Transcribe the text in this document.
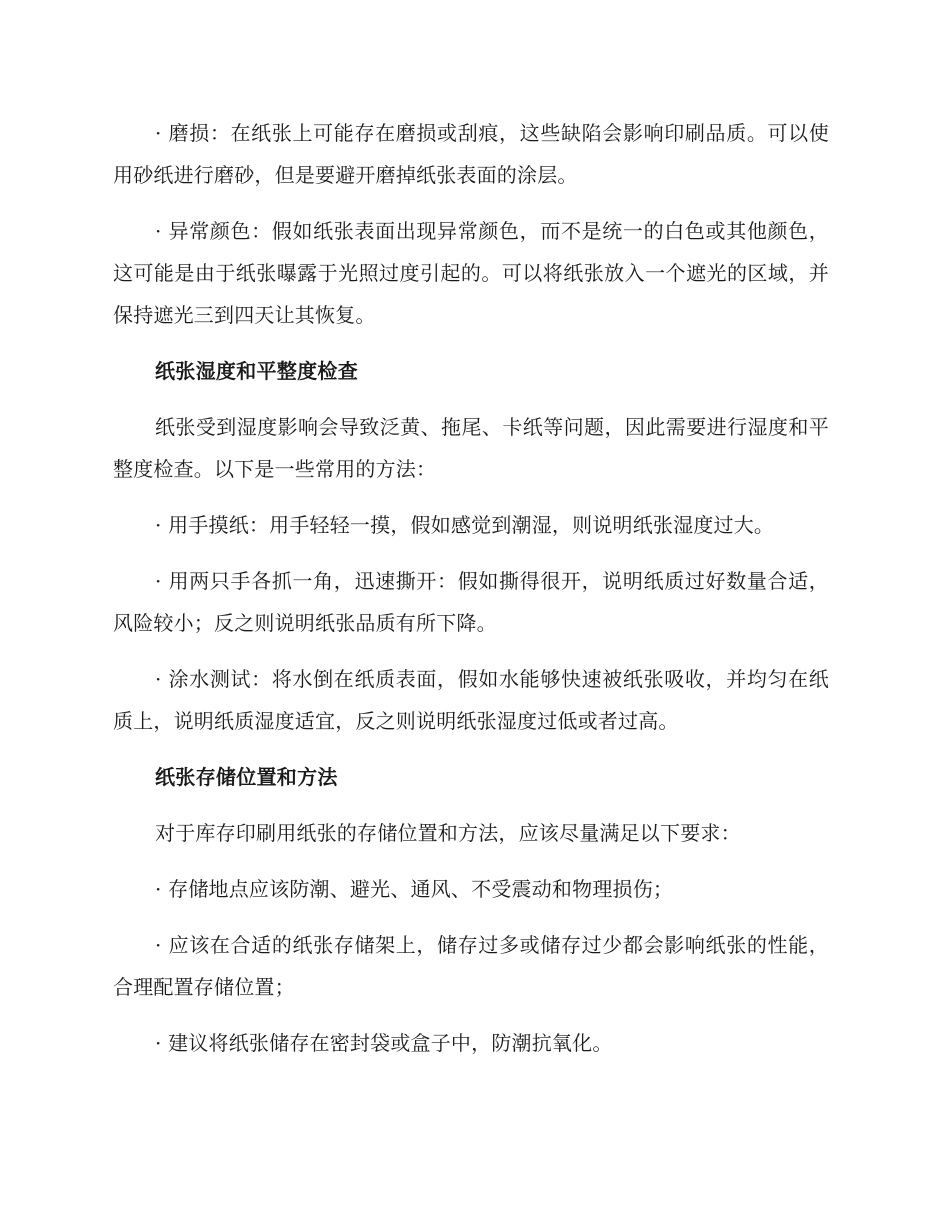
· 磨损：在纸张上可能存在磨损或刮痕，这些缺陷会影响印刷品质。可以使用砂纸进行磨砂，但是要避开磨掉纸张表面的涂层。

· 异常颜色：假如纸张表面出现异常颜色，而不是统一的白色或其他颜色，这可能是由于纸张曝露于光照过度引起的。可以将纸张放入一个遮光的区域，并保持遮光三到四天让其恢复。

纸张湿度和平整度检查

纸张受到湿度影响会导致泛黄、拖尾、卡纸等问题，因此需要进行湿度和平整度检查。以下是一些常用的方法：

· 用手摸纸：用手轻轻一摸，假如感觉到潮湿，则说明纸张湿度过大。

· 用两只手各抓一角，迅速撕开：假如撕得很开，说明纸质过好数量合适，风险较小；反之则说明纸张品质有所下降。

· 涂水测试：将水倒在纸质表面，假如水能够快速被纸张吸收，并均匀在纸质上，说明纸质湿度适宜，反之则说明纸张湿度过低或者过高。

纸张存储位置和方法

对于库存印刷用纸张的存储位置和方法，应该尽量满足以下要求：

· 存储地点应该防潮、避光、通风、不受震动和物理损伤；

· 应该在合适的纸张存储架上，储存过多或储存过少都会影响纸张的性能，合理配置存储位置；

· 建议将纸张储存在密封袋或盒子中，防潮抗氧化。
